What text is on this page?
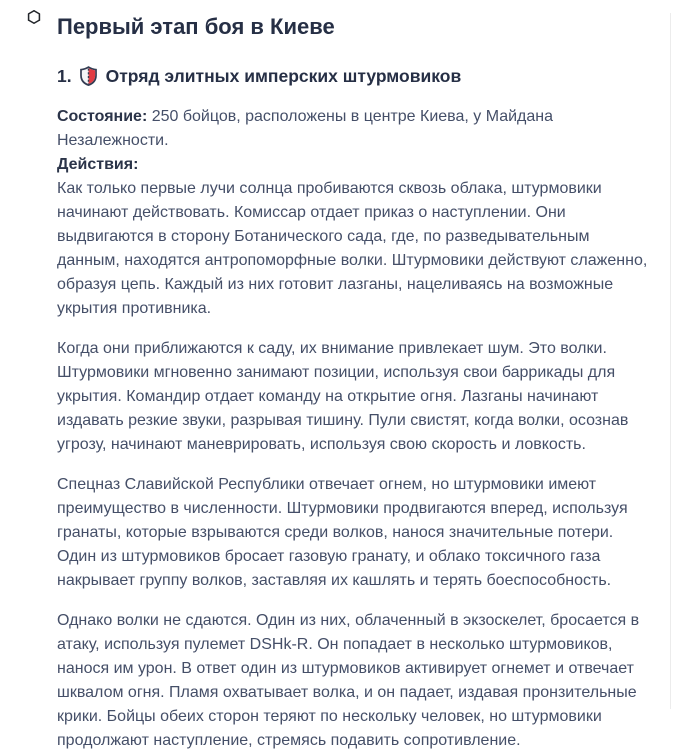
Первый этап боя в Киеве
1. Отряд элитных имперских штурмовиков

Состояние: 250 бойцов, расположены в центре Киева, у Майдана Незалежности.
Действия:
Как только первые лучи солнца пробиваются сквозь облака, штурмовики начинают действовать. Комиссар отдает приказ о наступлении. Они выдвигаются в сторону Ботанического сада, где, по разведывательным данным, находятся антропоморфные волки. Штурмовики действуют слаженно, образуя цепь. Каждый из них готовит лазганы, нацеливаясь на возможные укрытия противника.

Когда они приближаются к саду, их внимание привлекает шум. Это волки. Штурмовики мгновенно занимают позиции, используя свои баррикады для укрытия. Командир отдает команду на открытие огня. Лазганы начинают издавать резкие звуки, разрывая тишину. Пули свистят, когда волки, осознав угрозу, начинают маневрировать, используя свою скорость и ловкость.

Спецназ Славийской Республики отвечает огнем, но штурмовики имеют преимущество в численности. Штурмовики продвигаются вперед, используя гранаты, которые взрываются среди волков, нанося значительные потери. Один из штурмовиков бросает газовую гранату, и облако токсичного газа накрывает группу волков, заставляя их кашлять и терять боеспособность.

Однако волки не сдаются. Один из них, облаченный в экзоскелет, бросается в атаку, используя пулемет DSHk-R. Он попадает в несколько штурмовиков, нанося им урон. В ответ один из штурмовиков активирует огнемет и отвечает шквалом огня. Пламя охватывает волка, и он падает, издавая пронзительные крики. Бойцы обеих сторон теряют по нескольку человек, но штурмовики продолжают наступление, стремясь подавить сопротивление.
